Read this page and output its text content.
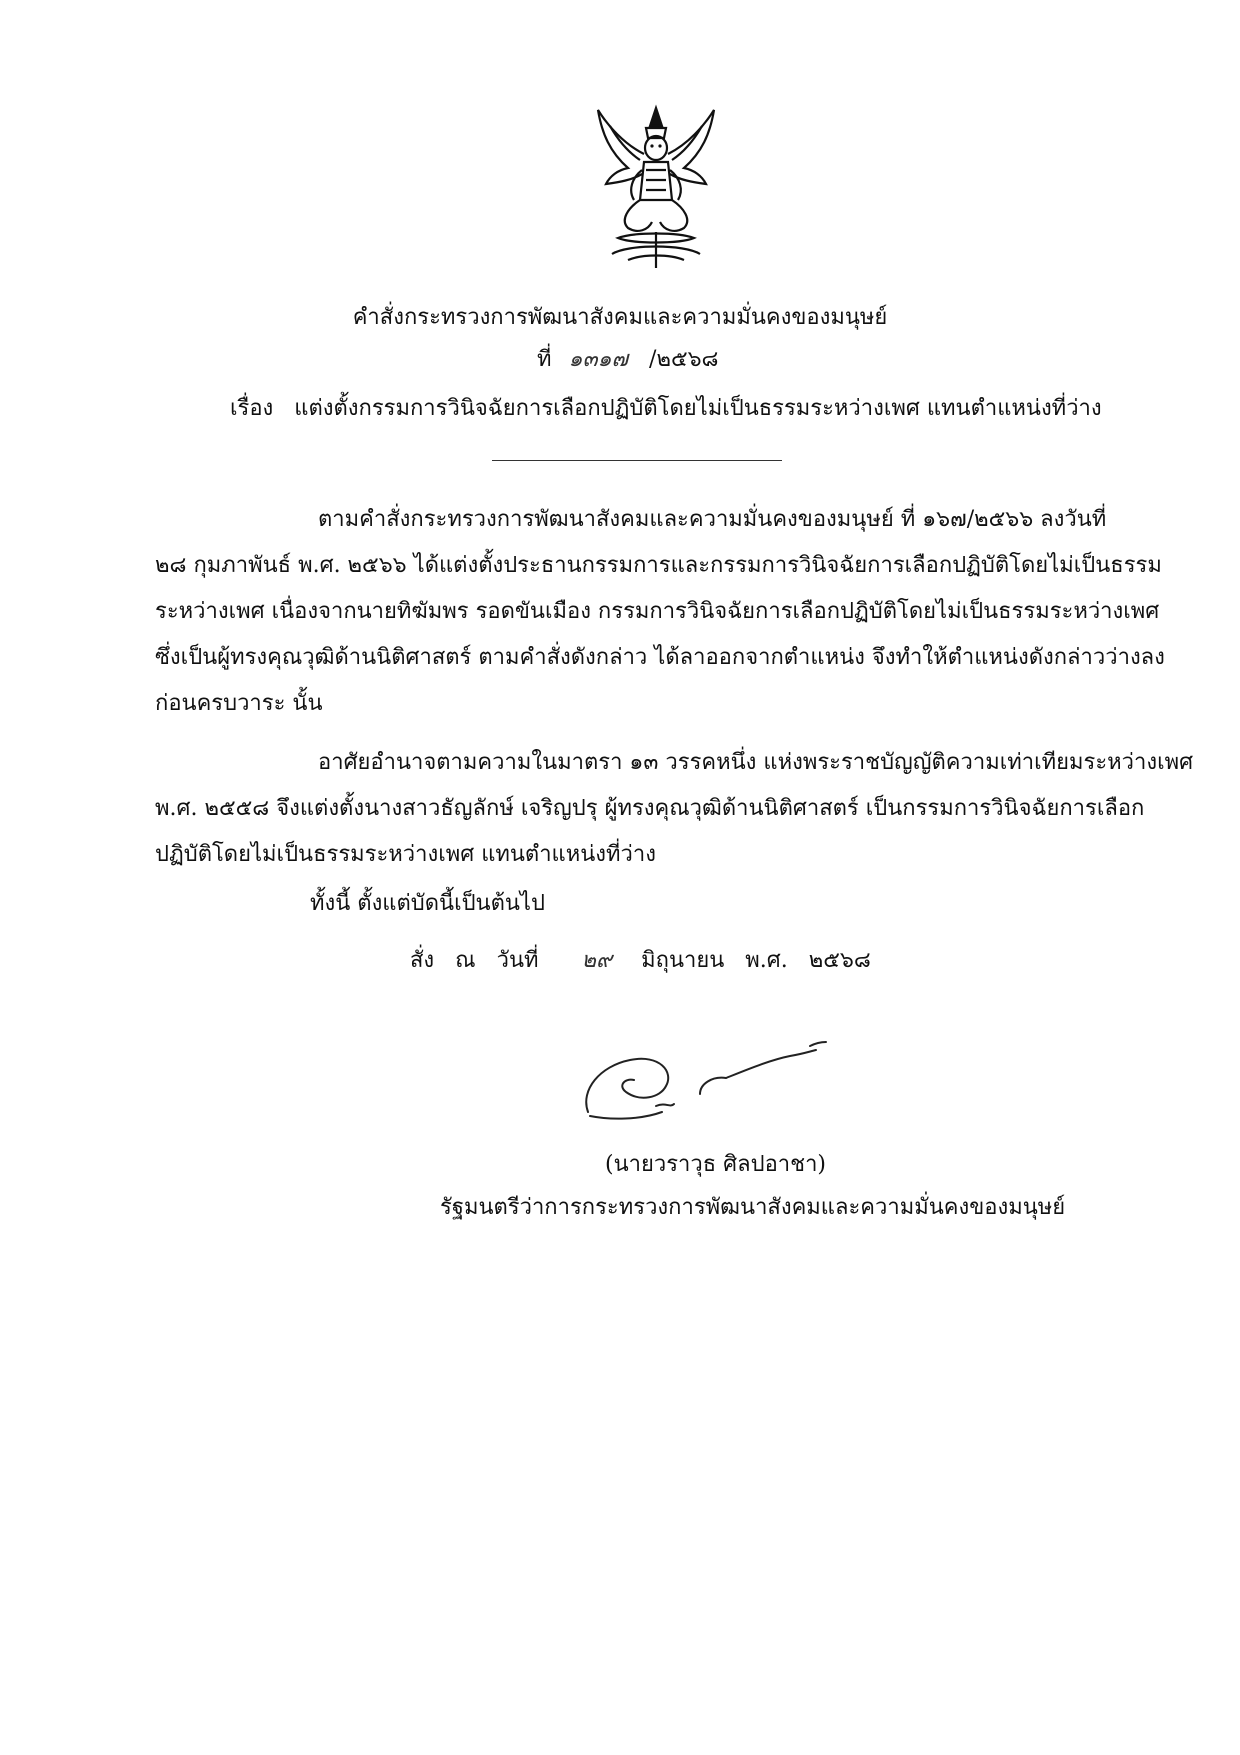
คำสั่งกระทรวงการพัฒนาสังคมและความมั่นคงของมนุษย์
ที่ ๑๓๑๗ /๒๕๖๘
เรื่อง แต่งตั้งกรรมการวินิจฉัยการเลือกปฏิบัติโดยไม่เป็นธรรมระหว่างเพศ แทนตำแหน่งที่ว่าง
ตามคำสั่งกระทรวงการพัฒนาสังคมและความมั่นคงของมนุษย์ ที่ ๑๖๗/๒๕๖๖ ลงวันที่
๒๘ กุมภาพันธ์ พ.ศ. ๒๕๖๖ ได้แต่งตั้งประธานกรรมการและกรรมการวินิจฉัยการเลือกปฏิบัติโดยไม่เป็นธรรม
ระหว่างเพศ เนื่องจากนายทิฆัมพร รอดขันเมือง กรรมการวินิจฉัยการเลือกปฏิบัติโดยไม่เป็นธรรมระหว่างเพศ
ซึ่งเป็นผู้ทรงคุณวุฒิด้านนิติศาสตร์ ตามคำสั่งดังกล่าว ได้ลาออกจากตำแหน่ง จึงทำให้ตำแหน่งดังกล่าวว่างลง
ก่อนครบวาระ นั้น
อาศัยอำนาจตามความในมาตรา ๑๓ วรรคหนึ่ง แห่งพระราชบัญญัติความเท่าเทียมระหว่างเพศ
พ.ศ. ๒๕๕๘ จึงแต่งตั้งนางสาวธัญลักษ์ เจริญปรุ ผู้ทรงคุณวุฒิด้านนิติศาสตร์ เป็นกรรมการวินิจฉัยการเลือก
ปฏิบัติโดยไม่เป็นธรรมระหว่างเพศ แทนตำแหน่งที่ว่าง
ทั้งนี้ ตั้งแต่บัดนี้เป็นต้นไป
สั่ง ณ วันที่ ๒๙ มิถุนายน พ.ศ. ๒๕๖๘
(นายวราวุธ ศิลปอาชา)
รัฐมนตรีว่าการกระทรวงการพัฒนาสังคมและความมั่นคงของมนุษย์
